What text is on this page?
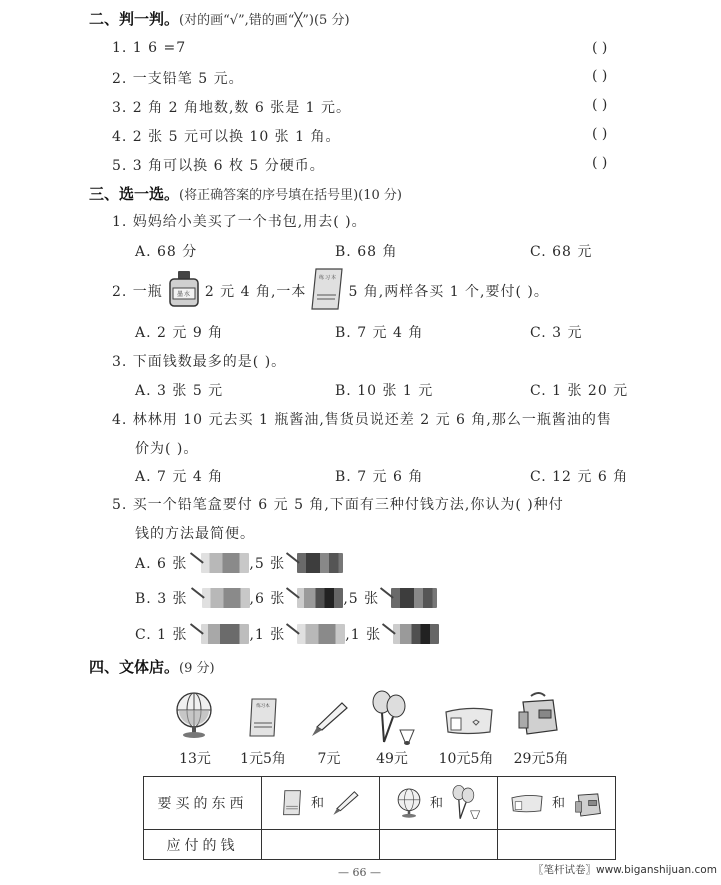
二、判一判。(对的画“√”,错的画“╳”)(5 分)
1. 1 6 =7	( )
2. 一支铅笔 5 元。	( )
3. 2 角 2 角地数,数 6 张是 1 元。	( )
4. 2 张 5 元可以换 10 张 1 角。	( )
5. 3 角可以换 6 枚 5 分硬币。	( )
三、选一选。(将正确答案的序号填在括号里)(10 分)
1. 妈妈给小美买了一个书包,用去( )。
A. 68 分	B. 68 角	C. 68 元
2. 一瓶 墨水 2 元 4 角,一本
练习本
5 角,两样各买 1 个,要付( )。
A. 2 元 9 角	B. 7 元 4 角	C. 3 元
3. 下面钱数最多的是( )。
A. 3 张 5 元	B. 10 张 1 元	C. 1 张 20 元
4. 林林用 10 元去买 1 瓶酱油,售货员说还差 2 元 6 角,那么一瓶酱油的售
价为( )。
A. 7 元 4 角	B. 7 元 6 角	C. 12 元 6 角
5. 买一个铅笔盒要付 6 元 5 角,下面有三种付钱方法,你认为( )种付
钱的方法最简便。
A. 6 张	,5 张
B. 3 张	,6 张	,5 张
C. 1 张	,1 张	,1 张
四、文体店。(9 分)
练习本
13元	1元5角	7元	49元	10元5角	29元5角
要买的东西	和	和	和
应付的钱			
— 66 —	〖笔杆试卷〗www.biganshijuan.com
